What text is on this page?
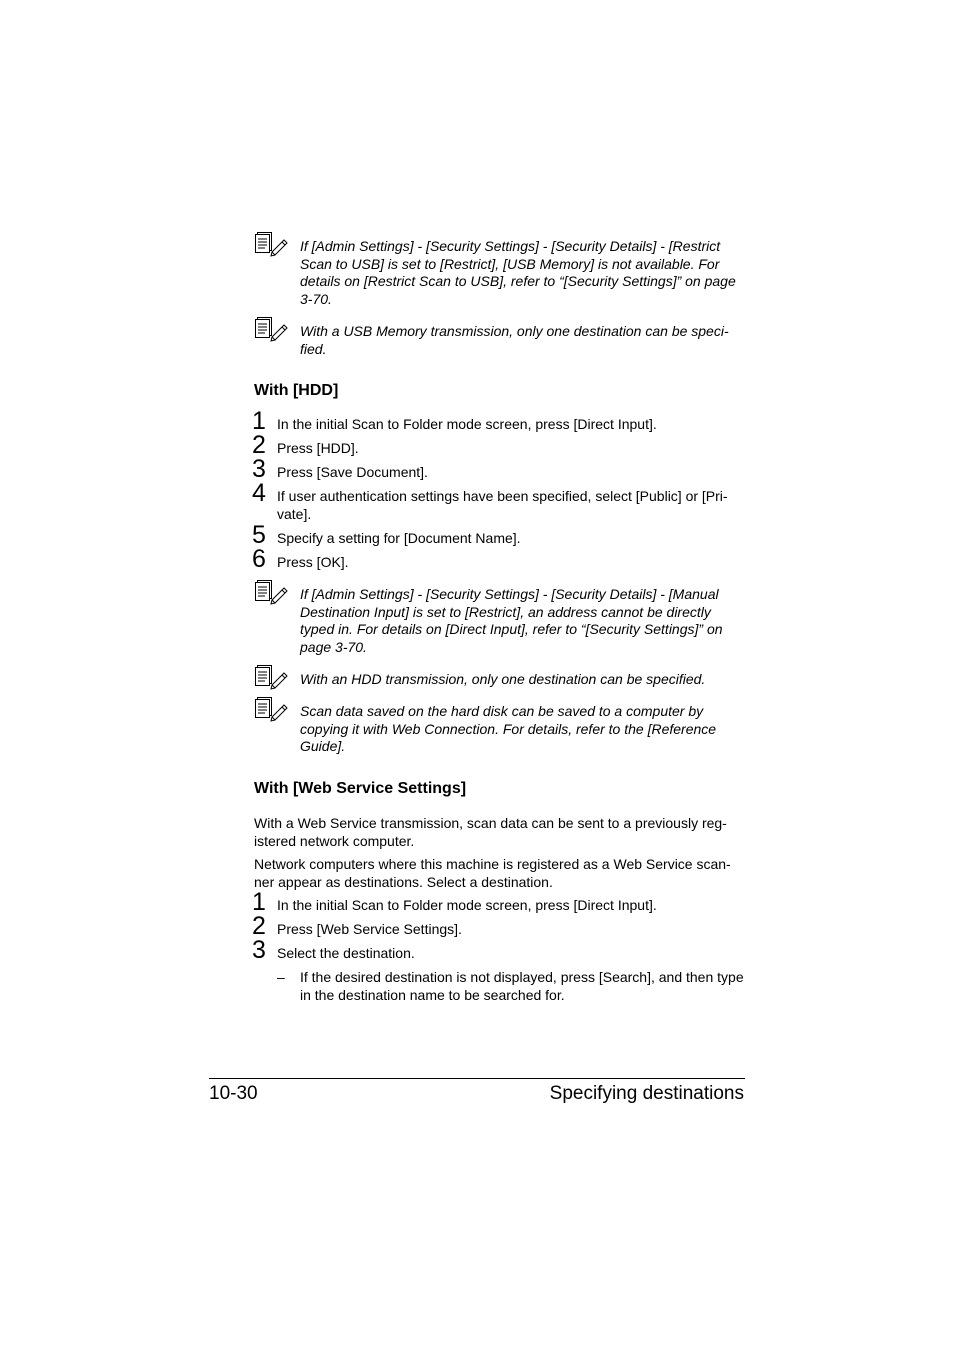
If [Admin Settings] - [Security Settings] - [Security Details] - [Restrict Scan to USB] is set to [Restrict], [USB Memory] is not available. For details on [Restrict Scan to USB], refer to “[Security Settings]” on page 3-70.
With a USB Memory transmission, only one destination can be speci-fied.
With [HDD]
1 In the initial Scan to Folder mode screen, press [Direct Input].
2 Press [HDD].
3 Press [Save Document].
4 If user authentication settings have been specified, select [Public] or [Pri-vate].
5 Specify a setting for [Document Name].
6 Press [OK].
If [Admin Settings] - [Security Settings] - [Security Details] - [Manual Destination Input] is set to [Restrict], an address cannot be directly typed in. For details on [Direct Input], refer to “[Security Settings]” on page 3-70.
With an HDD transmission, only one destination can be specified.
Scan data saved on the hard disk can be saved to a computer by copying it with Web Connection. For details, refer to the [Reference Guide].
With [Web Service Settings]
With a Web Service transmission, scan data can be sent to a previously reg-istered network computer.
Network computers where this machine is registered as a Web Service scan-ner appear as destinations. Select a destination.
1 In the initial Scan to Folder mode screen, press [Direct Input].
2 Press [Web Service Settings].
3 Select the destination.
– If the desired destination is not displayed, press [Search], and then type in the destination name to be searched for.
10-30	Specifying destinations
